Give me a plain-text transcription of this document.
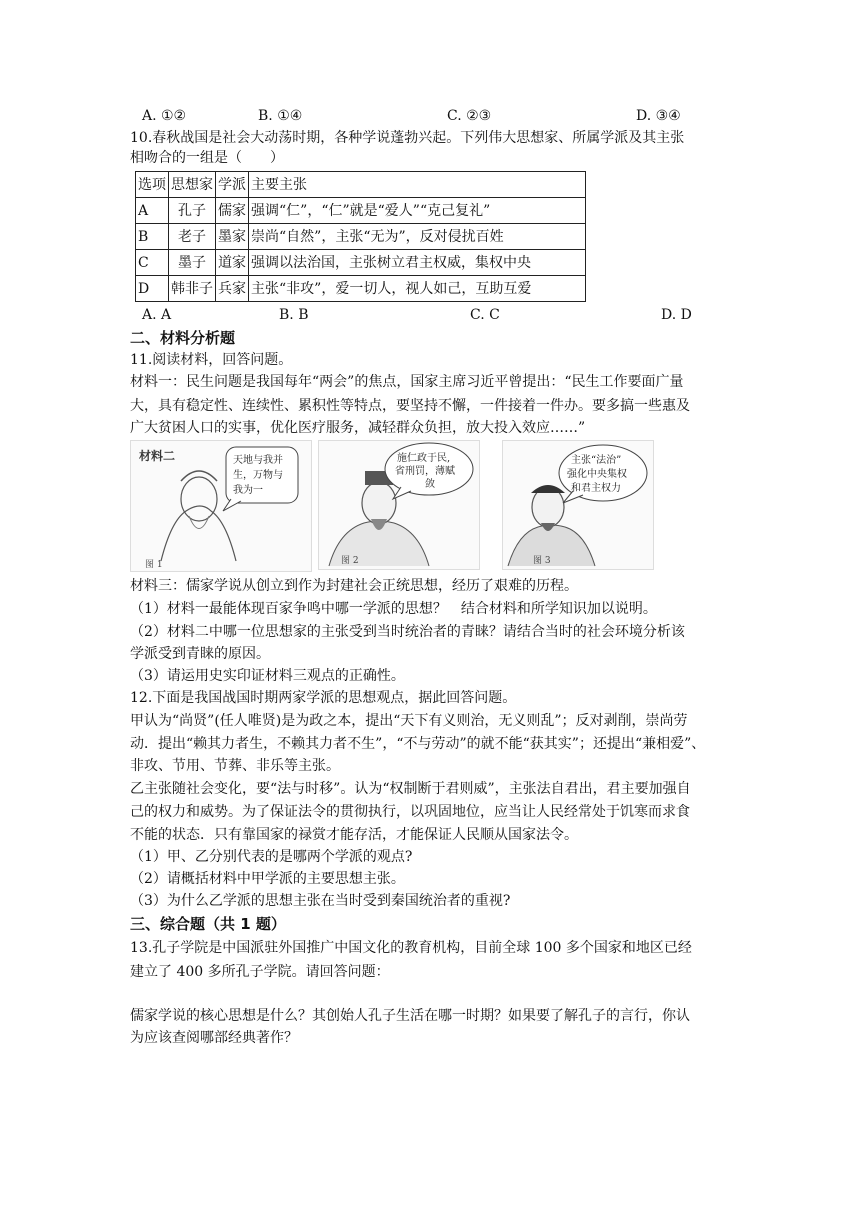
A. ①②	B. ①④	C. ②③	D. ③④
10.春秋战国是社会大动荡时期，各种学说蓬勃兴起。下列伟大思想家、所属学派及其主张
相吻合的一组是（　　）
选项	思想家	学派	主要主张
A	孔子	儒家	强调“仁”，“仁”就是“爱人”“克己复礼”
B	老子	墨家	崇尚“自然”，主张“无为”，反对侵扰百姓
C	墨子	道家	强调以法治国，主张树立君主权威，集权中央
D	韩非子	兵家	主张“非攻”，爱一切人，视人如己，互助互爱
A. A	B. B	C. C	D. D
二、材料分析题
11.阅读材料，回答问题。
材料一：民生问题是我国每年“两会”的焦点，国家主席习近平曾提出：“民生工作要面广量
大，具有稳定性、连续性、累积性等特点，要坚持不懈，一件接着一件办。要多搞一些惠及
广大贫困人口的实事，优化医疗服务，减轻群众负担，放大投入效应……”
天地与我并
生，万物与
我为一
材料二
图 1
施仁政于民,
省刑罚，薄赋
敛
图 2
主张“法治”
强化中央集权
和君主权力
图 3
材料三：儒家学说从创立到作为封建社会正统思想，经历了艰难的历程。
（1）材料一最能体现百家争鸣中哪一学派的思想？　结合材料和所学知识加以说明。
（2）材料二中哪一位思想家的主张受到当时统治者的青睐？请结合当时的社会环境分析该
学派受到青睐的原因。
（3）请运用史实印证材料三观点的正确性。
12.下面是我国战国时期两家学派的思想观点，据此回答问题。
甲认为“尚贤”(任人唯贤)是为政之本，提出“天下有义则治，无义则乱”；反对剥削，崇尚劳
动．提出“赖其力者生，不赖其力者不生”，“不与劳动”的就不能“获其实”；还提出“兼相爱”、
非攻、节用、节葬、非乐等主张。
乙主张随社会变化，要“法与时移”。认为“权制断于君则威”，主张法自君出，君主要加强自
己的权力和威势。为了保证法令的贯彻执行，以巩固地位，应当让人民经常处于饥寒而求食
不能的状态．只有靠国家的禄赏才能存活，才能保证人民顺从国家法令。
（1）甲、乙分别代表的是哪两个学派的观点?
（2）请概括材料中甲学派的主要思想主张。
（3）为什么乙学派的思想主张在当时受到秦国统治者的重视?
三、综合题（共 1 题）
13.孔子学院是中国派驻外国推广中国文化的教育机构，目前全球 100 多个国家和地区已经
建立了 400 多所孔子学院。请回答问题：
儒家学说的核心思想是什么？其创始人孔子生活在哪一时期？如果要了解孔子的言行，你认
为应该查阅哪部经典著作？
